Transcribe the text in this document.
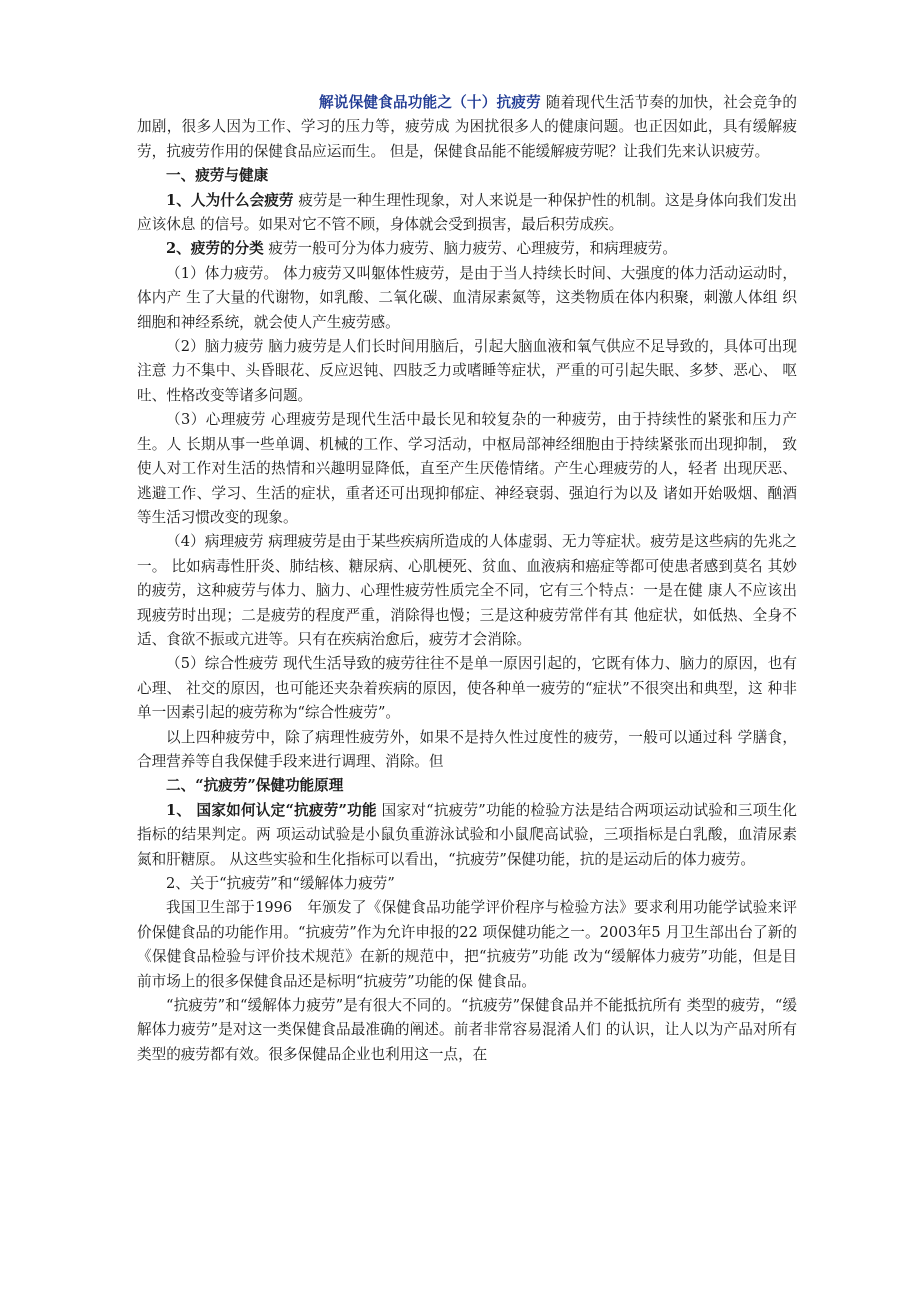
解说保健食品功能之（十）抗疲劳 随着现代生活节奏的加快，社会竞争的加剧，很多人因为工作、学习的压力等，疲劳成 为困扰很多人的健康问题。也正因如此，具有缓解疲劳，抗疲劳作用的保健食品应运而生。 但是，保健食品能不能缓解疲劳呢？让我们先来认识疲劳。

一、疲劳与健康

1、人为什么会疲劳 疲劳是一种生理性现象，对人来说是一种保护性的机制。这是身体向我们发出应该休息 的信号。如果对它不管不顾，身体就会受到损害，最后积劳成疾。

2、疲劳的分类 疲劳一般可分为体力疲劳、脑力疲劳、心理疲劳，和病理疲劳。

（1）体力疲劳。 体力疲劳又叫躯体性疲劳，是由于当人持续长时间、大强度的体力活动运动时，体内产 生了大量的代谢物，如乳酸、二氧化碳、血清尿素氮等，这类物质在体内积聚，刺激人体组 织细胞和神经系统，就会使人产生疲劳感。

（2）脑力疲劳 脑力疲劳是人们长时间用脑后，引起大脑血液和氧气供应不足导致的，具体可出现注意 力不集中、头昏眼花、反应迟钝、四肢乏力或嗜睡等症状，严重的可引起失眠、多梦、恶心、 呕吐、性格改变等诸多问题。

（3）心理疲劳 心理疲劳是现代生活中最长见和较复杂的一种疲劳，由于持续性的紧张和压力产生。人 长期从事一些单调、机械的工作、学习活动，中枢局部神经细胞由于持续紧张而出现抑制， 致使人对工作对生活的热情和兴趣明显降低，直至产生厌倦情绪。产生心理疲劳的人，轻者 出现厌恶、逃避工作、学习、生活的症状，重者还可出现抑郁症、神经衰弱、强迫行为以及 诸如开始吸烟、酗酒等生活习惯改变的现象。

（4）病理疲劳 病理疲劳是由于某些疾病所造成的人体虚弱、无力等症状。疲劳是这些病的先兆之一。 比如病毒性肝炎、肺结核、糖尿病、心肌梗死、贫血、血液病和癌症等都可使患者感到莫名 其妙的疲劳，这种疲劳与体力、脑力、心理性疲劳性质完全不同，它有三个特点：一是在健 康人不应该出现疲劳时出现；二是疲劳的程度严重，消除得也慢；三是这种疲劳常伴有其 他症状，如低热、全身不适、食欲不振或亢进等。只有在疾病治愈后，疲劳才会消除。

（5）综合性疲劳 现代生活导致的疲劳往往不是单一原因引起的，它既有体力、脑力的原因，也有心理、 社交的原因，也可能还夹杂着疾病的原因，使各种单一疲劳的“症状”不很突出和典型，这 种非单一因素引起的疲劳称为“综合性疲劳”。

以上四种疲劳中，除了病理性疲劳外，如果不是持久性过度性的疲劳，一般可以通过科 学膳食，合理营养等自我保健手段来进行调理、消除。但

二、“抗疲劳”保健功能原理

1、 国家如何认定“抗疲劳”功能 国家对“抗疲劳”功能的检验方法是结合两项运动试验和三项生化指标的结果判定。两 项运动试验是小鼠负重游泳试验和小鼠爬高试验，三项指标是白乳酸，血清尿素氮和肝糖原。 从这些实验和生化指标可以看出，“抗疲劳”保健功能，抗的是运动后的体力疲劳。

2、关于“抗疲劳”和“缓解体力疲劳”

我国卫生部于1996　年颁发了《保健食品功能学评价程序与检验方法》要求利用功能学试验来评价保健食品的功能作用。“抗疲劳”作为允许申报的22 项保健功能之一。2003年5 月卫生部出台了新的《保健食品检验与评价技术规范》在新的规范中，把“抗疲劳”功能 改为“缓解体力疲劳”功能，但是目前市场上的很多保健食品还是标明“抗疲劳”功能的保 健食品。

“抗疲劳”和“缓解体力疲劳”是有很大不同的。“抗疲劳”保健食品并不能抵抗所有 类型的疲劳，“缓解体力疲劳”是对这一类保健食品最准确的阐述。前者非常容易混淆人们 的认识，让人以为产品对所有类型的疲劳都有效。很多保健品企业也利用这一点，在
